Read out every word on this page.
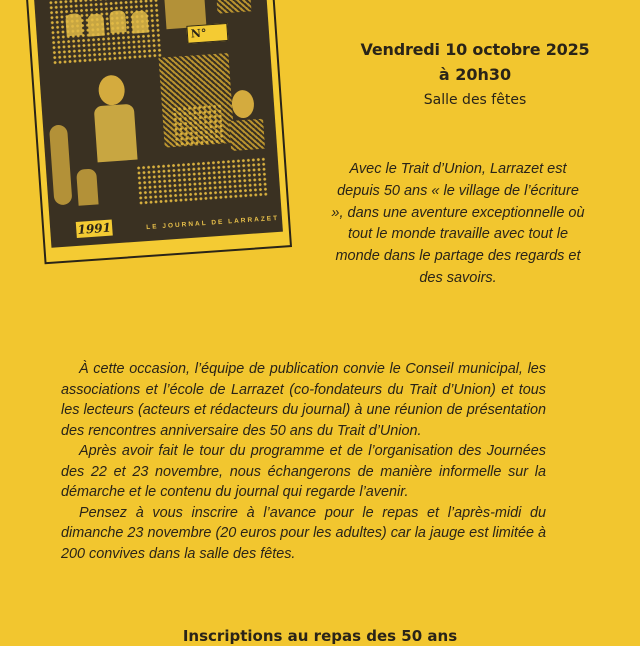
N°
1991	LE JOURNAL DE LARRAZET
Vendredi 10 octobre 2025
à 20h30
Salle des fêtes
Avec le Trait d’Union, Larrazet est depuis 50 ans « le village de l’écriture », dans une aventure exceptionnelle où tout le monde travaille avec tout le monde dans le partage des regards et des savoirs.

À cette occasion, l’équipe de publication convie le Conseil municipal, les associations et l’école de Larrazet (co-fondateurs du Trait d’Union) et tous les lecteurs (acteurs et rédacteurs du journal) à une réunion de présentation des rencontres anniversaire des 50 ans du Trait d’Union.

Après avoir fait le tour du programme et de l’organisation des Journées des 22 et 23 novembre, nous échangerons de manière informelle sur la démarche et le contenu du journal qui regarde l’avenir.

Pensez à vous inscrire à l’avance pour le repas et l’après-midi du dimanche 23 novembre (20 euros pour les adultes) car la jauge est limitée à 200 convives dans la salle des fêtes.

Inscriptions au repas des 50 ans
